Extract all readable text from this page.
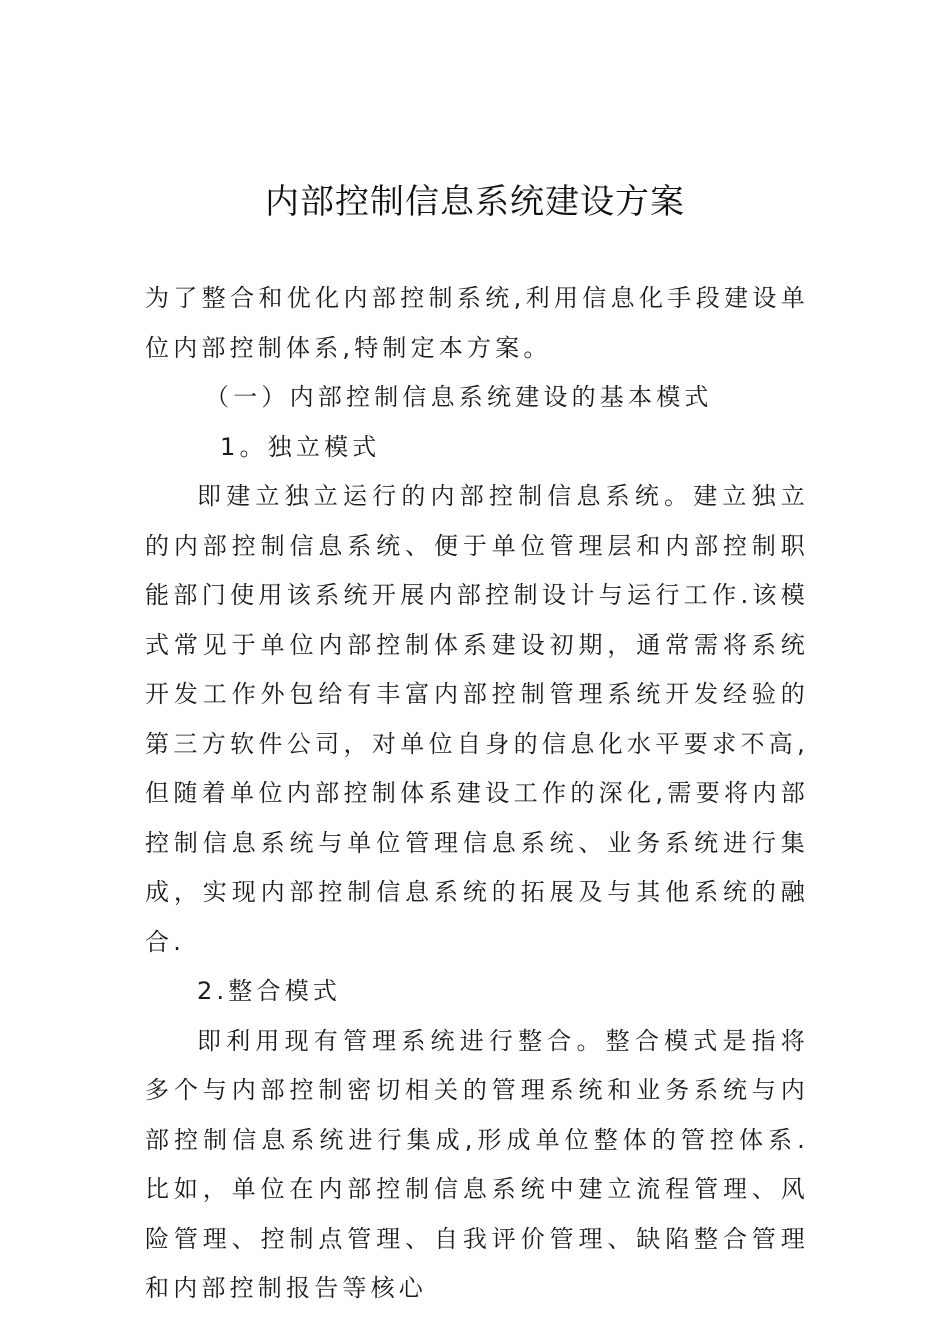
内部控制信息系统建设方案

为了整合和优化内部控制系统,利用信息化手段建设单位内部控制体系,特制定本方案。

（一）内部控制信息系统建设的基本模式

1。独立模式

即建立独立运行的内部控制信息系统。建立独立的内部控制信息系统、便于单位管理层和内部控制职能部门使用该系统开展内部控制设计与运行工作.该模式常见于单位内部控制体系建设初期，通常需将系统开发工作外包给有丰富内部控制管理系统开发经验的第三方软件公司，对单位自身的信息化水平要求不高,但随着单位内部控制体系建设工作的深化,需要将内部控制信息系统与单位管理信息系统、业务系统进行集成，实现内部控制信息系统的拓展及与其他系统的融合.

2.整合模式

即利用现有管理系统进行整合。整合模式是指将多个与内部控制密切相关的管理系统和业务系统与内部控制信息系统进行集成,形成单位整体的管控体系.比如，单位在内部控制信息系统中建立流程管理、风险管理、控制点管理、自我评价管理、缺陷整合管理和内部控制报告等核心
